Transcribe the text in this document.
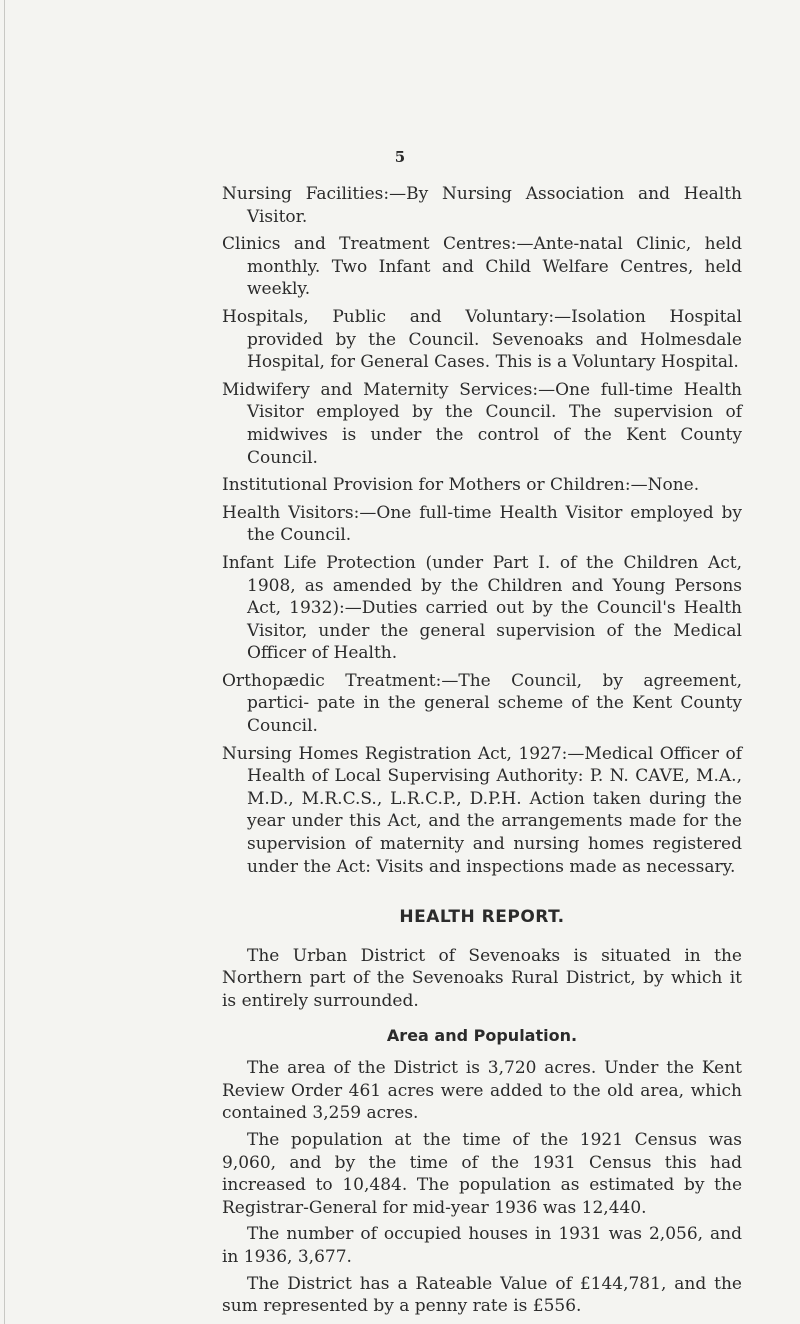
5

Nursing Facilities:—By Nursing Association and Health Visitor.

Clinics and Treatment Centres:—Ante-natal Clinic, held monthly. Two Infant and Child Welfare Centres, held weekly.

Hospitals, Public and Voluntary:—Isolation Hospital provided by the Council. Sevenoaks and Holmesdale Hospital, for General Cases. This is a Voluntary Hospital.

Midwifery and Maternity Services:—One full-time Health Visitor employed by the Council. The supervision of midwives is under the control of the Kent County Council.

Institutional Provision for Mothers or Children:—None.

Health Visitors:—One full-time Health Visitor employed by the Council.

Infant Life Protection (under Part I. of the Children Act, 1908, as amended by the Children and Young Persons Act, 1932):—Duties carried out by the Council's Health Visitor, under the general supervision of the Medical Officer of Health.

Orthopædic Treatment:—The Council, by agreement, partici- pate in the general scheme of the Kent County Council.

Nursing Homes Registration Act, 1927:—Medical Officer of Health of Local Supervising Authority: P. N. CAVE, M.A., M.D., M.R.C.S., L.R.C.P., D.P.H. Action taken during the year under this Act, and the arrangements made for the supervision of maternity and nursing homes registered under the Act: Visits and inspections made as necessary.

HEALTH REPORT.

The Urban District of Sevenoaks is situated in the Northern part of the Sevenoaks Rural District, by which it is entirely surrounded.

Area and Population.

The area of the District is 3,720 acres. Under the Kent Review Order 461 acres were added to the old area, which contained 3,259 acres.

The population at the time of the 1921 Census was 9,060, and by the time of the 1931 Census this had increased to 10,484. The population as estimated by the Registrar-General for mid-year 1936 was 12,440.

The number of occupied houses in 1931 was 2,056, and in 1936, 3,677.

The District has a Rateable Value of £144,781, and the sum represented by a penny rate is £556.
